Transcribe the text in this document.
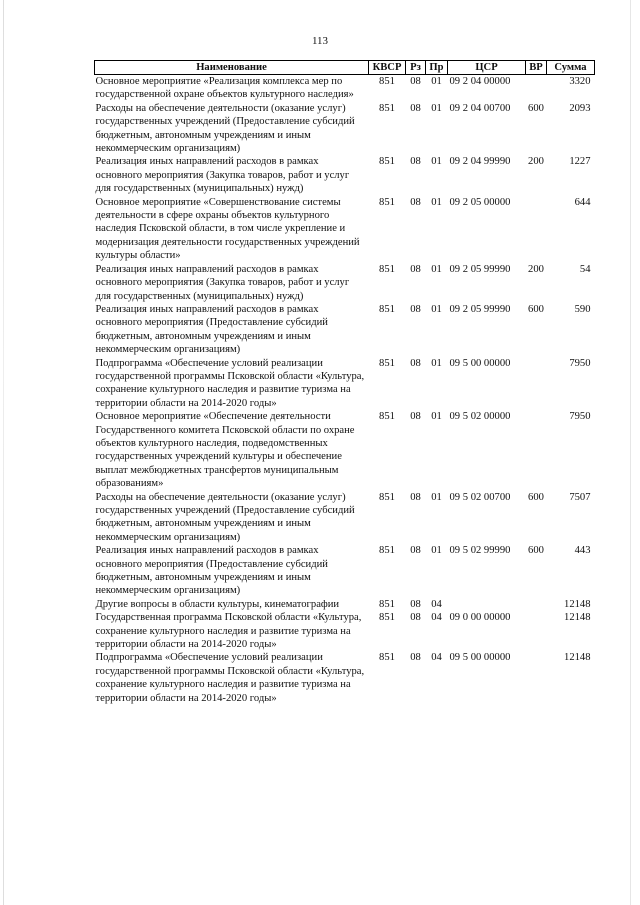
113
Наименование	КВСР	Рз	Пр	ЦСР	ВР	Сумма
Основное мероприятие «Реализация комплекса мер по государственной охране объектов культурного наследия»	851	08	01	09 2 04 00000		3320
Расходы на обеспечение деятельности (оказание услуг) государственных учреждений (Предоставление субсидий бюджетным, автономным учреждениям и иным некоммерческим организациям)	851	08	01	09 2 04 00700	600	2093
Реализация иных направлений расходов в рамках основного мероприятия (Закупка товаров, работ и услуг для государственных (муниципальных) нужд)	851	08	01	09 2 04 99990	200	1227
Основное мероприятие «Совершенствование системы деятельности в сфере охраны объектов культурного наследия Псковской области, в том числе укрепление и модернизация деятельности государственных учреждений культуры области»	851	08	01	09 2 05 00000		644
Реализация иных направлений расходов в рамках основного мероприятия (Закупка товаров, работ и услуг для государственных (муниципальных) нужд)	851	08	01	09 2 05 99990	200	54
Реализация иных направлений расходов в рамках основного мероприятия (Предоставление субсидий бюджетным, автономным учреждениям и иным некоммерческим организациям)	851	08	01	09 2 05 99990	600	590
Подпрограмма «Обеспечение условий реализации государственной программы Псковской области «Культура, сохранение культурного наследия и развитие туризма на территории области на 2014-2020 годы»	851	08	01	09 5 00 00000		7950
Основное мероприятие «Обеспечение деятельности Государственного комитета Псковской области по охране объектов культурного наследия, подведомственных государственных учреждений культуры и обеспечение выплат межбюджетных трансфертов муниципальным образованиям»	851	08	01	09 5 02 00000		7950
Расходы на обеспечение деятельности (оказание услуг) государственных учреждений (Предоставление субсидий бюджетным, автономным учреждениям и иным некоммерческим организациям)	851	08	01	09 5 02 00700	600	7507
Реализация иных направлений расходов в рамках основного мероприятия (Предоставление субсидий бюджетным, автономным учреждениям и иным некоммерческим организациям)	851	08	01	09 5 02 99990	600	443
Другие вопросы в области культуры, кинематографии	851	08	04			12148
Государственная программа Псковской области «Культура, сохранение культурного наследия и развитие туризма на территории области на 2014-2020 годы»	851	08	04	09 0 00 00000		12148
Подпрограмма «Обеспечение условий реализации государственной программы Псковской области «Культура, сохранение культурного наследия и развитие туризма на территории области на 2014-2020 годы»	851	08	04	09 5 00 00000		12148
